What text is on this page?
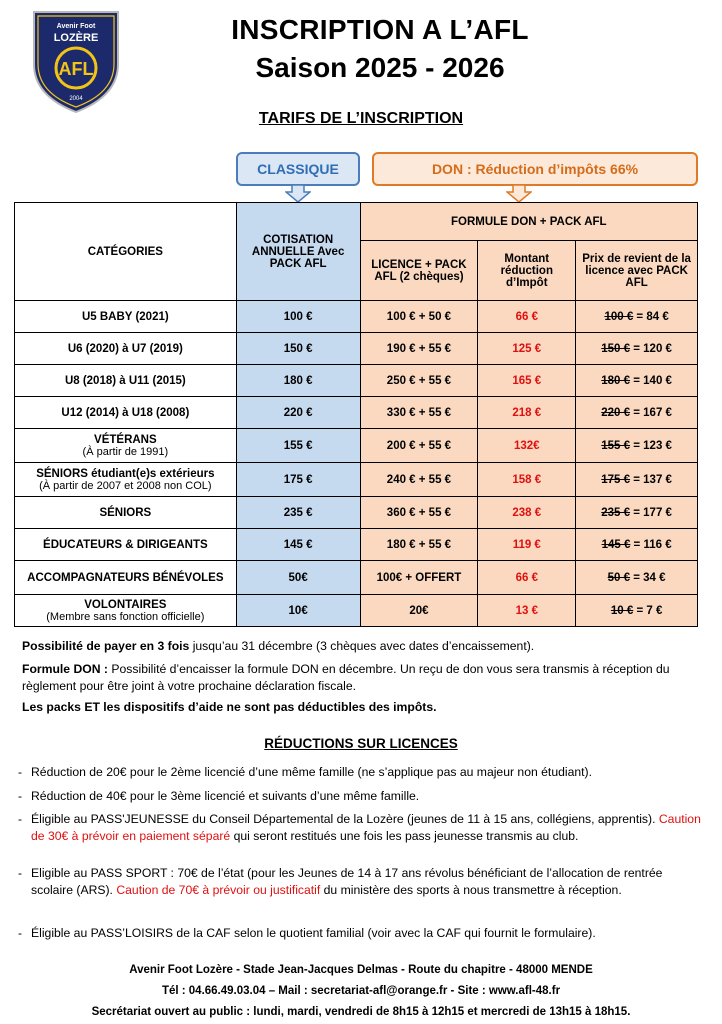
Avenir Foot
LOZÈRE
AFL
2004
INSCRIPTION A L’AFL
Saison 2025 - 2026
TARIFS DE L’INSCRIPTION
CLASSIQUE	DON : Réduction d’impôts 66%
CATÉGORIES	COTISATION ANNUELLE Avec PACK AFL	FORMULE DON + PACK AFL		
		LICENCE + PACK AFL (2 chèques)	Montant réduction d’Impôt	Prix de revient de la licence avec PACK AFL
U5 BABY (2021)	100 €	100 € + 50 €	66 €	100 € = 84 €
U6 (2020) à U7 (2019)	150 €	190 € + 55 €	125 €	150 € = 120 €
U8 (2018) à U11 (2015)	180 €	250 € + 55 €	165 €	180 € = 140 €
U12 (2014) à U18 (2008)	220 €	330 € + 55 €	218 €	220 € = 167 €
VÉTÉRANS
(À partir de 1991)	155 €	200 € + 55 €	132€	155 € = 123 €
SÉNIORS étudiant(e)s extérieurs
(À partir de 2007 et 2008 non COL)	175 €	240 € + 55 €	158 €	175 € = 137 €
SÉNIORS	235 €	360 € + 55 €	238 €	235 € = 177 €
ÉDUCATEURS & DIRIGEANTS	145 €	180 € + 55 €	119 €	145 € = 116 €
ACCOMPAGNATEURS BÉNÉVOLES	50€	100€ + OFFERT	66 €	50 € = 34 €
VOLONTAIRES
(Membre sans fonction officielle)	10€	20€	13 €	10 € = 7 €
Possibilité de payer en 3 fois jusqu’au 31 décembre (3 chèques avec dates d’encaissement).
Formule DON : Possibilité d’encaisser la formule DON en décembre. Un reçu de don vous sera transmis à réception du règlement pour être joint à votre prochaine déclaration fiscale.
Les packs ET les dispositifs d’aide ne sont pas déductibles des impôts.
RÉDUCTIONS SUR LICENCES
- Réduction de 20€ pour le 2ème licencié d’une même famille (ne s’applique pas au majeur non étudiant).
- Réduction de 40€ pour le 3ème licencié et suivants d’une même famille.
- Éligible au PASS'JEUNESSE du Conseil Départemental de la Lozère (jeunes de 11 à 15 ans, collégiens, apprentis). Caution de 30€ à prévoir en paiement séparé qui seront restitués une fois les pass jeunesse transmis au club.
- Eligible au PASS SPORT : 70€ de l’état (pour les Jeunes de 14 à 17 ans révolus bénéficiant de l’allocation de rentrée scolaire (ARS). Caution de 70€ à prévoir ou justificatif du ministère des sports à nous transmettre à réception.
- Éligible au PASS’LOISIRS de la CAF selon le quotient familial (voir avec la CAF qui fournit le formulaire).
Avenir Foot Lozère - Stade Jean-Jacques Delmas - Route du chapitre - 48000 MENDE
Tél : 04.66.49.03.04 – Mail : secretariat-afl@orange.fr - Site : www.afl-48.fr
Secrétariat ouvert au public : lundi, mardi, vendredi de 8h15 à 12h15 et mercredi de 13h15 à 18h15.
